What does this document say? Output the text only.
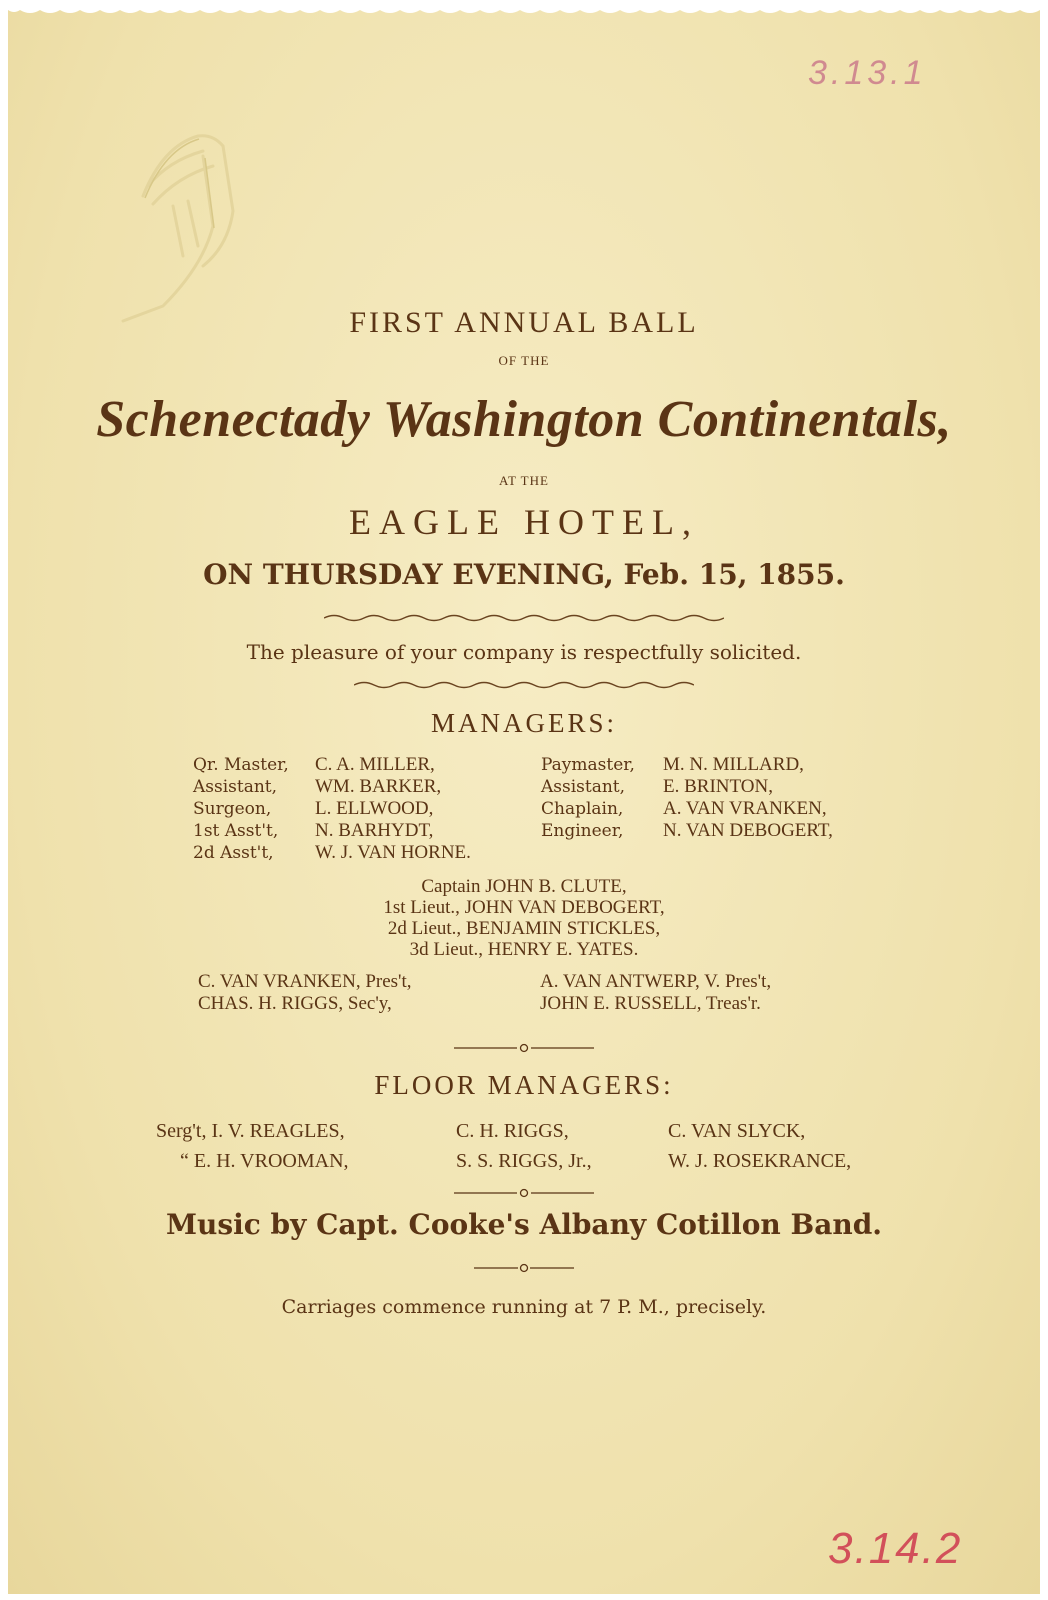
3.13.1
FIRST ANNUAL BALL
OF THE
Schenectady Washington Continentals,
AT THE
EAGLE HOTEL,
ON THURSDAY EVENING, Feb. 15, 1855.
The pleasure of your company is respectfully solicited.
MANAGERS:
Qr. Master, C. A. MILLER,
Assistant, WM. BARKER,
Surgeon, L. ELLWOOD,
1st Asst't, N. BARHYDT,
2d Asst't, W. J. VAN HORNE.
Paymaster, M. N. MILLARD,
Assistant, E. BRINTON,
Chaplain, A. VAN VRANKEN,
Engineer, N. VAN DEBOGERT,
Captain JOHN B. CLUTE,
1st Lieut., JOHN VAN DEBOGERT,
2d Lieut., BENJAMIN STICKLES,
3d Lieut., HENRY E. YATES.
C. VAN VRANKEN, Pres't,
CHAS. H. RIGGS, Sec'y,
A. VAN ANTWERP, V. Pres't,
JOHN E. RUSSELL, Treas'r.
FLOOR MANAGERS:
Serg't, I. V. REAGLES,
“ E. H. VROOMAN,
C. H. RIGGS,
S. S. RIGGS, Jr.,
C. VAN SLYCK,
W. J. ROSEKRANCE,
Music by Capt. Cooke's Albany Cotillon Band.
Carriages commence running at 7 P. M., precisely.
3.14.2
